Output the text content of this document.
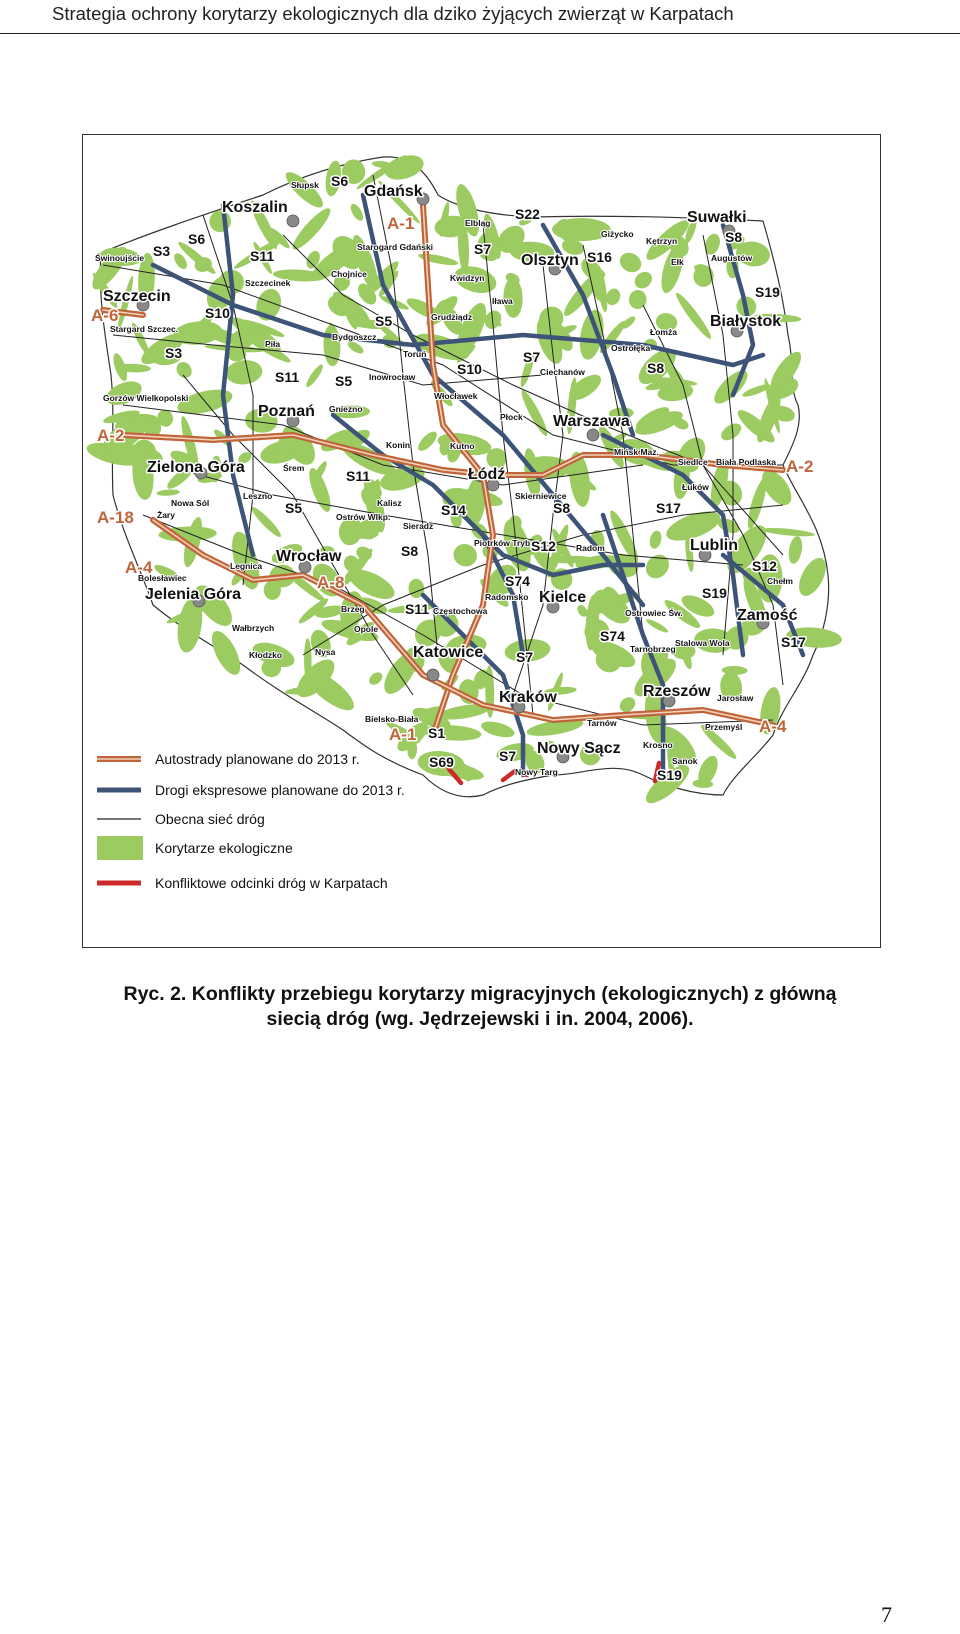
Strategia ochrony korytarzy ekologicznych dla dziko żyjących zwierząt w Karpatach
Gdańsk
Koszalin
Szczecin
Suwałki
Olsztyn
Białystok
Poznań
Warszawa
Zielona Góra	Łódź
Lublin
Wrocław
Kielce
Zamość
Jelenia Góra
Katowice
Kraków	Rzeszów
Nowy Sącz
Słupsk
Świnoujście
Starogard Gdański
Elbląg
Giżycko
Kętrzyn
Ełk	Augustów
Szczecinek
Chojnice	Kwidzyn
Stargard Szczec.
Iława
Grudziądz
Łomża
Piła
Bydgoszcz
Ostrołęka
Toruń
Ciechanów
Inowrocław
Gorzów Wielkopolski	Włocławek
Gniezno
Płock
Konin	Kutno
Mińsk Maz.
Siedlce Biała Podlaska
Śrem
Leszno	Skierniewice
Nowa Sól
Żary
Łuków
Kalisz
Ostrów Wlkp.
Sieradz
Piotrków Tryb.	Radom
Legnica
Bolesławiec
Radomsko
Chełm
Brzeg	Częstochowa	Ostrowiec Św.
Wałbrzych	Opole
Tarnobrzeg
Stalowa Wola
Kłodzko	Nysa
Jarosław
Przemyśl
Bielsko-Biała	Tarnów
Krosno
Sanok
Nowy Targ
S6
S3
S6
S11
S22
S7	S16
S8
S10	S5
S19
S3
S11	S5
S10
S7
S8
S11
S5	S14	S8	S17
S8	S12
S74
S11
S19
S12
S74
S7
S17
S1
S69	S7
S19
A-1
A-6
A-2
A-2
A-18
A-4
A-8
A-1	A-4
Autostrady planowane do 2013 r.
Drogi ekspresowe planowane do 2013 r.
Obecna sieć dróg
Korytarze ekologiczne
Konfliktowe odcinki dróg w Karpatach
Ryc. 2. Konflikty przebiegu korytarzy migracyjnych (ekologicznych) z główną
siecią dróg (wg. Jędrzejewski i in. 2004, 2006).
7
